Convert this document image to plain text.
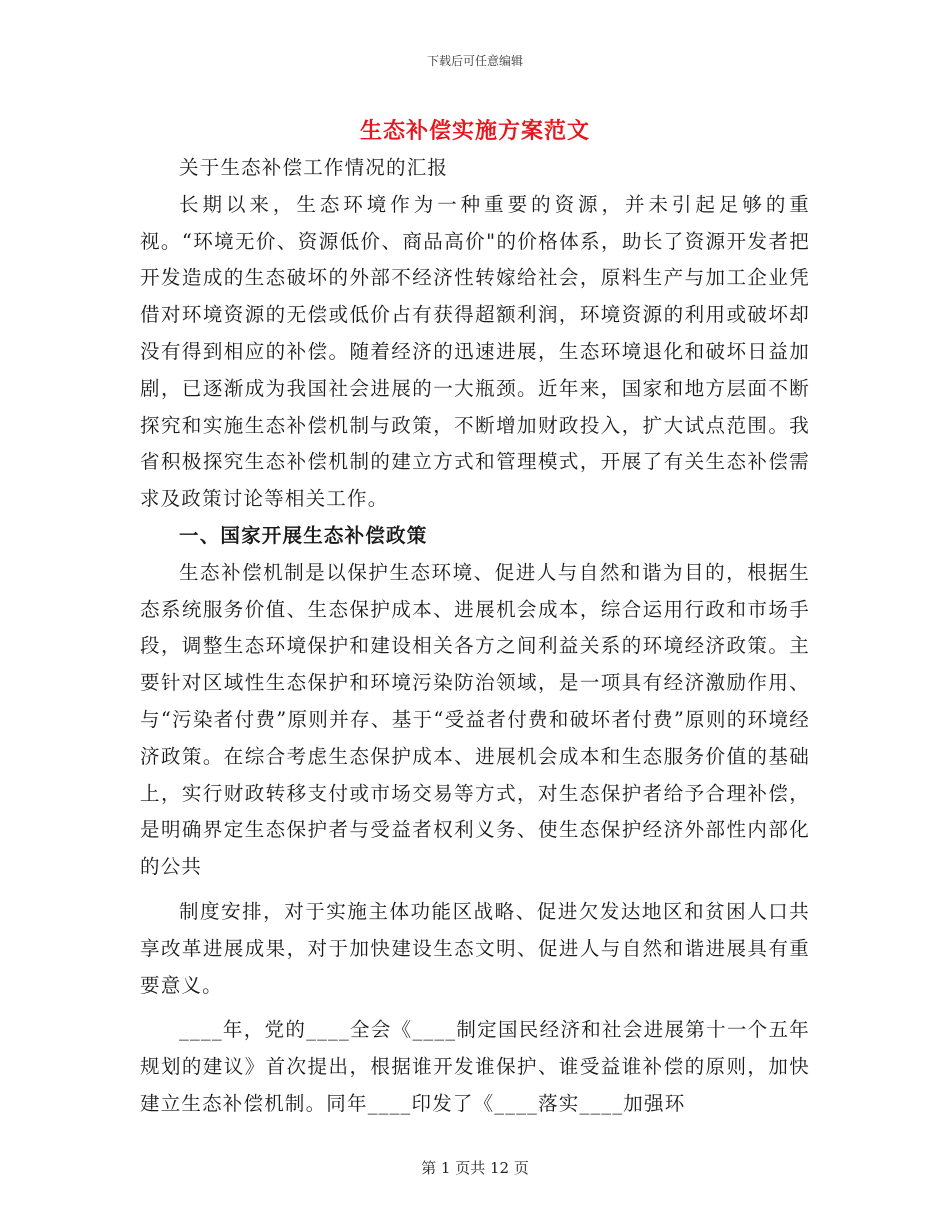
下载后可任意编辑
生态补偿实施方案范文

关于生态补偿工作情况的汇报

长期以来，生态环境作为一种重要的资源，并未引起足够的重视。“环境无价、资源低价、商品高价"的价格体系，助长了资源开发者把开发造成的生态破坏的外部不经济性转嫁给社会，原料生产与加工企业凭借对环境资源的无偿或低价占有获得超额利润，环境资源的利用或破坏却没有得到相应的补偿。随着经济的迅速进展，生态环境退化和破坏日益加剧，已逐渐成为我国社会进展的一大瓶颈。近年来，国家和地方层面不断探究和实施生态补偿机制与政策，不断增加财政投入，扩大试点范围。我省积极探究生态补偿机制的建立方式和管理模式，开展了有关生态补偿需求及政策讨论等相关工作。

一、国家开展生态补偿政策

生态补偿机制是以保护生态环境、促进人与自然和谐为目的，根据生态系统服务价值、生态保护成本、进展机会成本，综合运用行政和市场手段，调整生态环境保护和建设相关各方之间利益关系的环境经济政策。主要针对区域性生态保护和环境污染防治领域，是一项具有经济激励作用、与“污染者付费”原则并存、基于“受益者付费和破坏者付费”原则的环境经济政策。在综合考虑生态保护成本、进展机会成本和生态服务价值的基础上，实行财政转移支付或市场交易等方式，对生态保护者给予合理补偿，是明确界定生态保护者与受益者权利义务、使生态保护经济外部性内部化的公共

制度安排，对于实施主体功能区战略、促进欠发达地区和贫困人口共享改革进展成果，对于加快建设生态文明、促进人与自然和谐进展具有重要意义。

____年，党的____全会《____制定国民经济和社会进展第十一个五年规划的建议》首次提出，根据谁开发谁保护、谁受益谁补偿的原则，加快建立生态补偿机制。同年____印发了《____落实____加强环

第 1 页共 12 页
